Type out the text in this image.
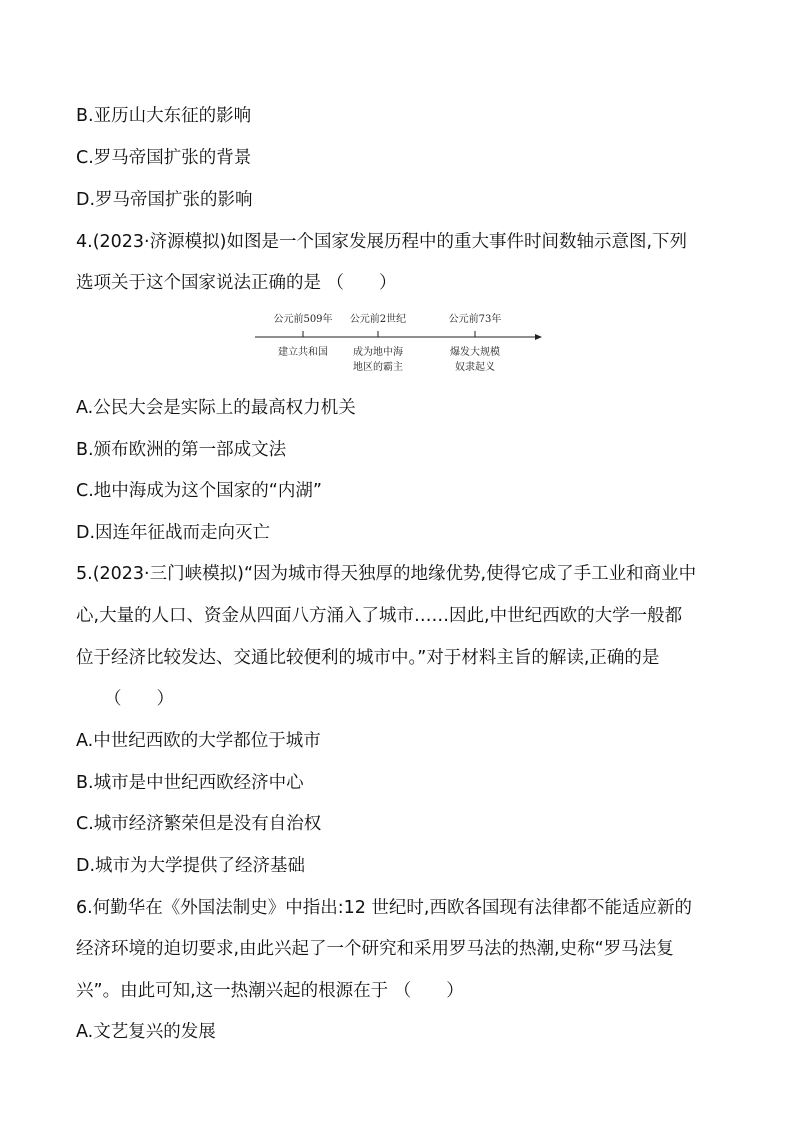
B.亚历山大东征的影响
C.罗马帝国扩张的背景
D.罗马帝国扩张的影响
4.(2023·济源模拟)如图是一个国家发展历程中的重大事件时间数轴示意图,下列
选项关于这个国家说法正确的是 （　　）
公元前509年	公元前2世纪	公元前73年
建立共和国	成为地中海
地区的霸主
爆发大规模
奴隶起义
A.公民大会是实际上的最高权力机关
B.颁布欧洲的第一部成文法
C.地中海成为这个国家的“内湖”
D.因连年征战而走向灭亡
5.(2023·三门峡模拟)“因为城市得天独厚的地缘优势,使得它成了手工业和商业中
心,大量的人口、资金从四面八方涌入了城市……因此,中世纪西欧的大学一般都
位于经济比较发达、交通比较便利的城市中。”对于材料主旨的解读,正确的是
（　　）
A.中世纪西欧的大学都位于城市
B.城市是中世纪西欧经济中心
C.城市经济繁荣但是没有自治权
D.城市为大学提供了经济基础
6.何勤华在《外国法制史》中指出:12 世纪时,西欧各国现有法律都不能适应新的
经济环境的迫切要求,由此兴起了一个研究和采用罗马法的热潮,史称“罗马法复
兴”。由此可知,这一热潮兴起的根源在于 （　　）
A.文艺复兴的发展
